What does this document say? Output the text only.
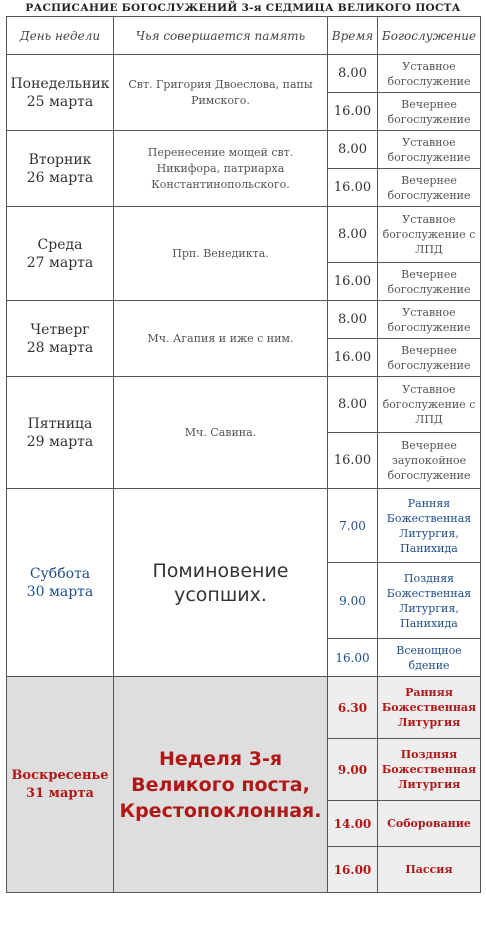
РАСПИСАНИЕ БОГОСЛУЖЕНИЙ 3-я СЕДМИЦА ВЕЛИКОГО ПОСТА
День недели	Чья совершается память	Время	Богослужение

Понедельник
25 марта	Свт. Григория Двоеслова, папы Римского.	8.00	Уставное богослужение
		16.00	Вечернее богослужение

Вторник
26 марта	Перенесение мощей свт. Никифора, патриарха Константинопольского.	8.00	Уставное богослужение
		16.00	Вечернее богослужение

Среда
27 марта	Прп. Венедикта.	8.00	Уставное богослужение с ЛПД
		16.00	Вечернее богослужение

Четверг
28 марта	Мч. Агапия и иже с ним.	8.00	Уставное богослужение
		16.00	Вечернее богослужение

Пятница
29 марта	Мч. Савина.	8.00	Уставное богослужение с ЛПД
		16.00	Вечернее заупокойное богослужение

Суббота
30 марта	Поминовение усопших.	7.00	Ранняя Божественная Литургия, Панихида
		9.00	Поздняя Божественная Литургия, Панихида
		16.00	Всенощное бдение

Воскресенье
31 марта	Неделя 3-я Великого поста, Крестопоклонная.	6.30	Ранняя Божественная Литургия
		9.00	Поздняя Божественная Литургия
		14.00	Соборование
		16.00	Пассия
